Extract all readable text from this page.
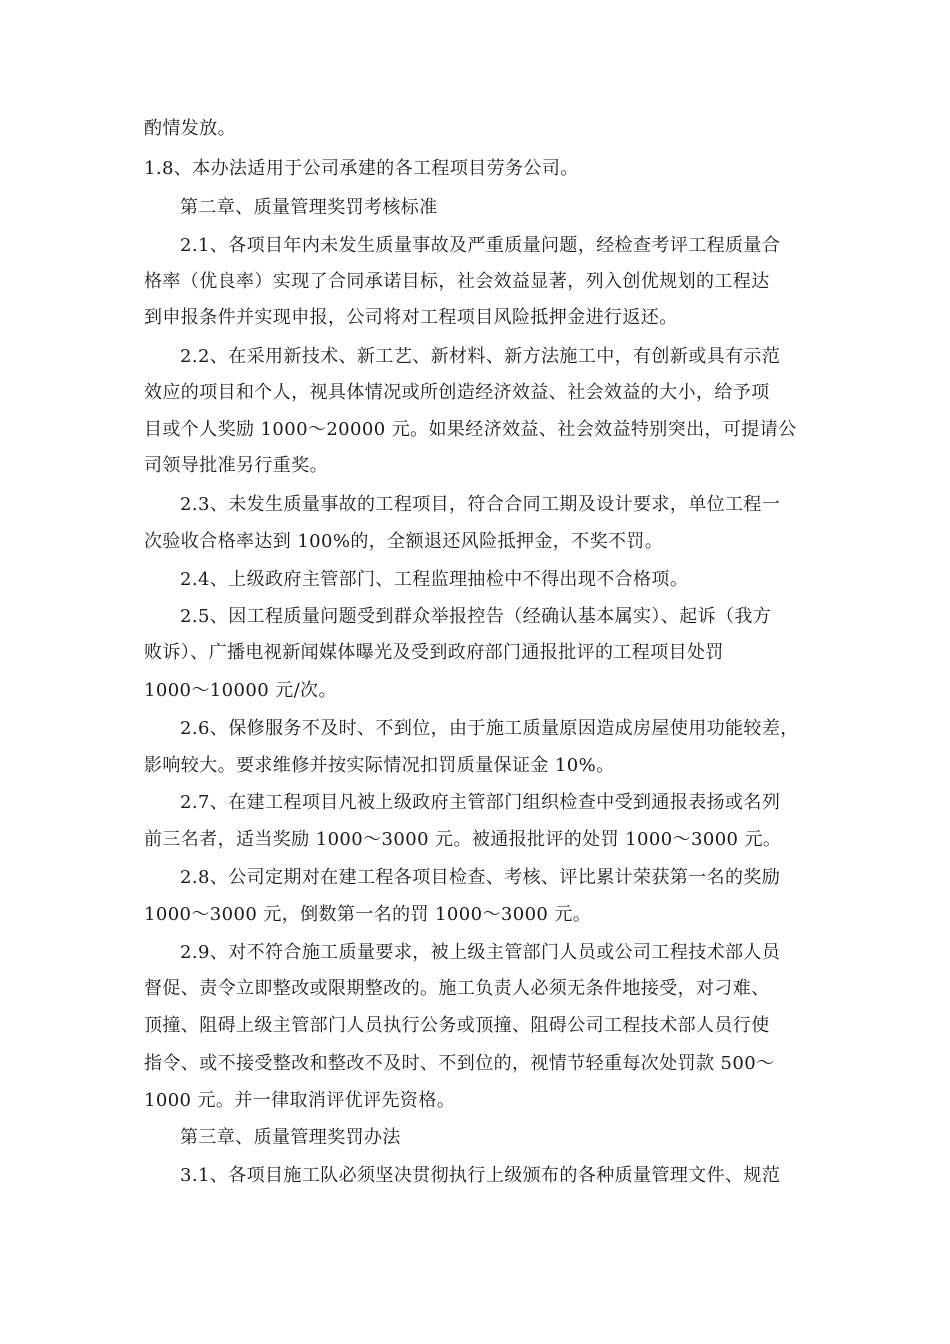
酌情发放。
1.8、本办法适用于公司承建的各工程项目劳务公司。
第二章、质量管理奖罚考核标准
2.1、各项目年内未发生质量事故及严重质量问题，经检查考评工程质量合
格率（优良率）实现了合同承诺目标，社会效益显著，列入创优规划的工程达
到申报条件并实现申报，公司将对工程项目风险抵押金进行返还。
2.2、在采用新技术、新工艺、新材料、新方法施工中，有创新或具有示范
效应的项目和个人，视具体情况或所创造经济效益、社会效益的大小，给予项
目或个人奖励 1000～20000 元。如果经济效益、社会效益特别突出，可提请公
司领导批准另行重奖。
2.3、未发生质量事故的工程项目，符合合同工期及设计要求，单位工程一
次验收合格率达到 100%的，全额退还风险抵押金，不奖不罚。
2.4、上级政府主管部门、工程监理抽检中不得出现不合格项。
2.5、因工程质量问题受到群众举报控告（经确认基本属实）、起诉（我方
败诉）、广播电视新闻媒体曝光及受到政府部门通报批评的工程项目处罚
1000～10000 元/次。
2.6、保修服务不及时、不到位，由于施工质量原因造成房屋使用功能较差，
影响较大。要求维修并按实际情况扣罚质量保证金 10%。
2.7、在建工程项目凡被上级政府主管部门组织检查中受到通报表扬或名列
前三名者，适当奖励 1000～3000 元。被通报批评的处罚 1000～3000 元。
2.8、公司定期对在建工程各项目检查、考核、评比累计荣获第一名的奖励
1000～3000 元，倒数第一名的罚 1000～3000 元。
2.9、对不符合施工质量要求，被上级主管部门人员或公司工程技术部人员
督促、责令立即整改或限期整改的。施工负责人必须无条件地接受，对刁难、
顶撞、阻碍上级主管部门人员执行公务或顶撞、阻碍公司工程技术部人员行使
指令、或不接受整改和整改不及时、不到位的，视情节轻重每次处罚款 500～
1000 元。并一律取消评优评先资格。
第三章、质量管理奖罚办法
3.1、各项目施工队必须坚决贯彻执行上级颁布的各种质量管理文件、规范
